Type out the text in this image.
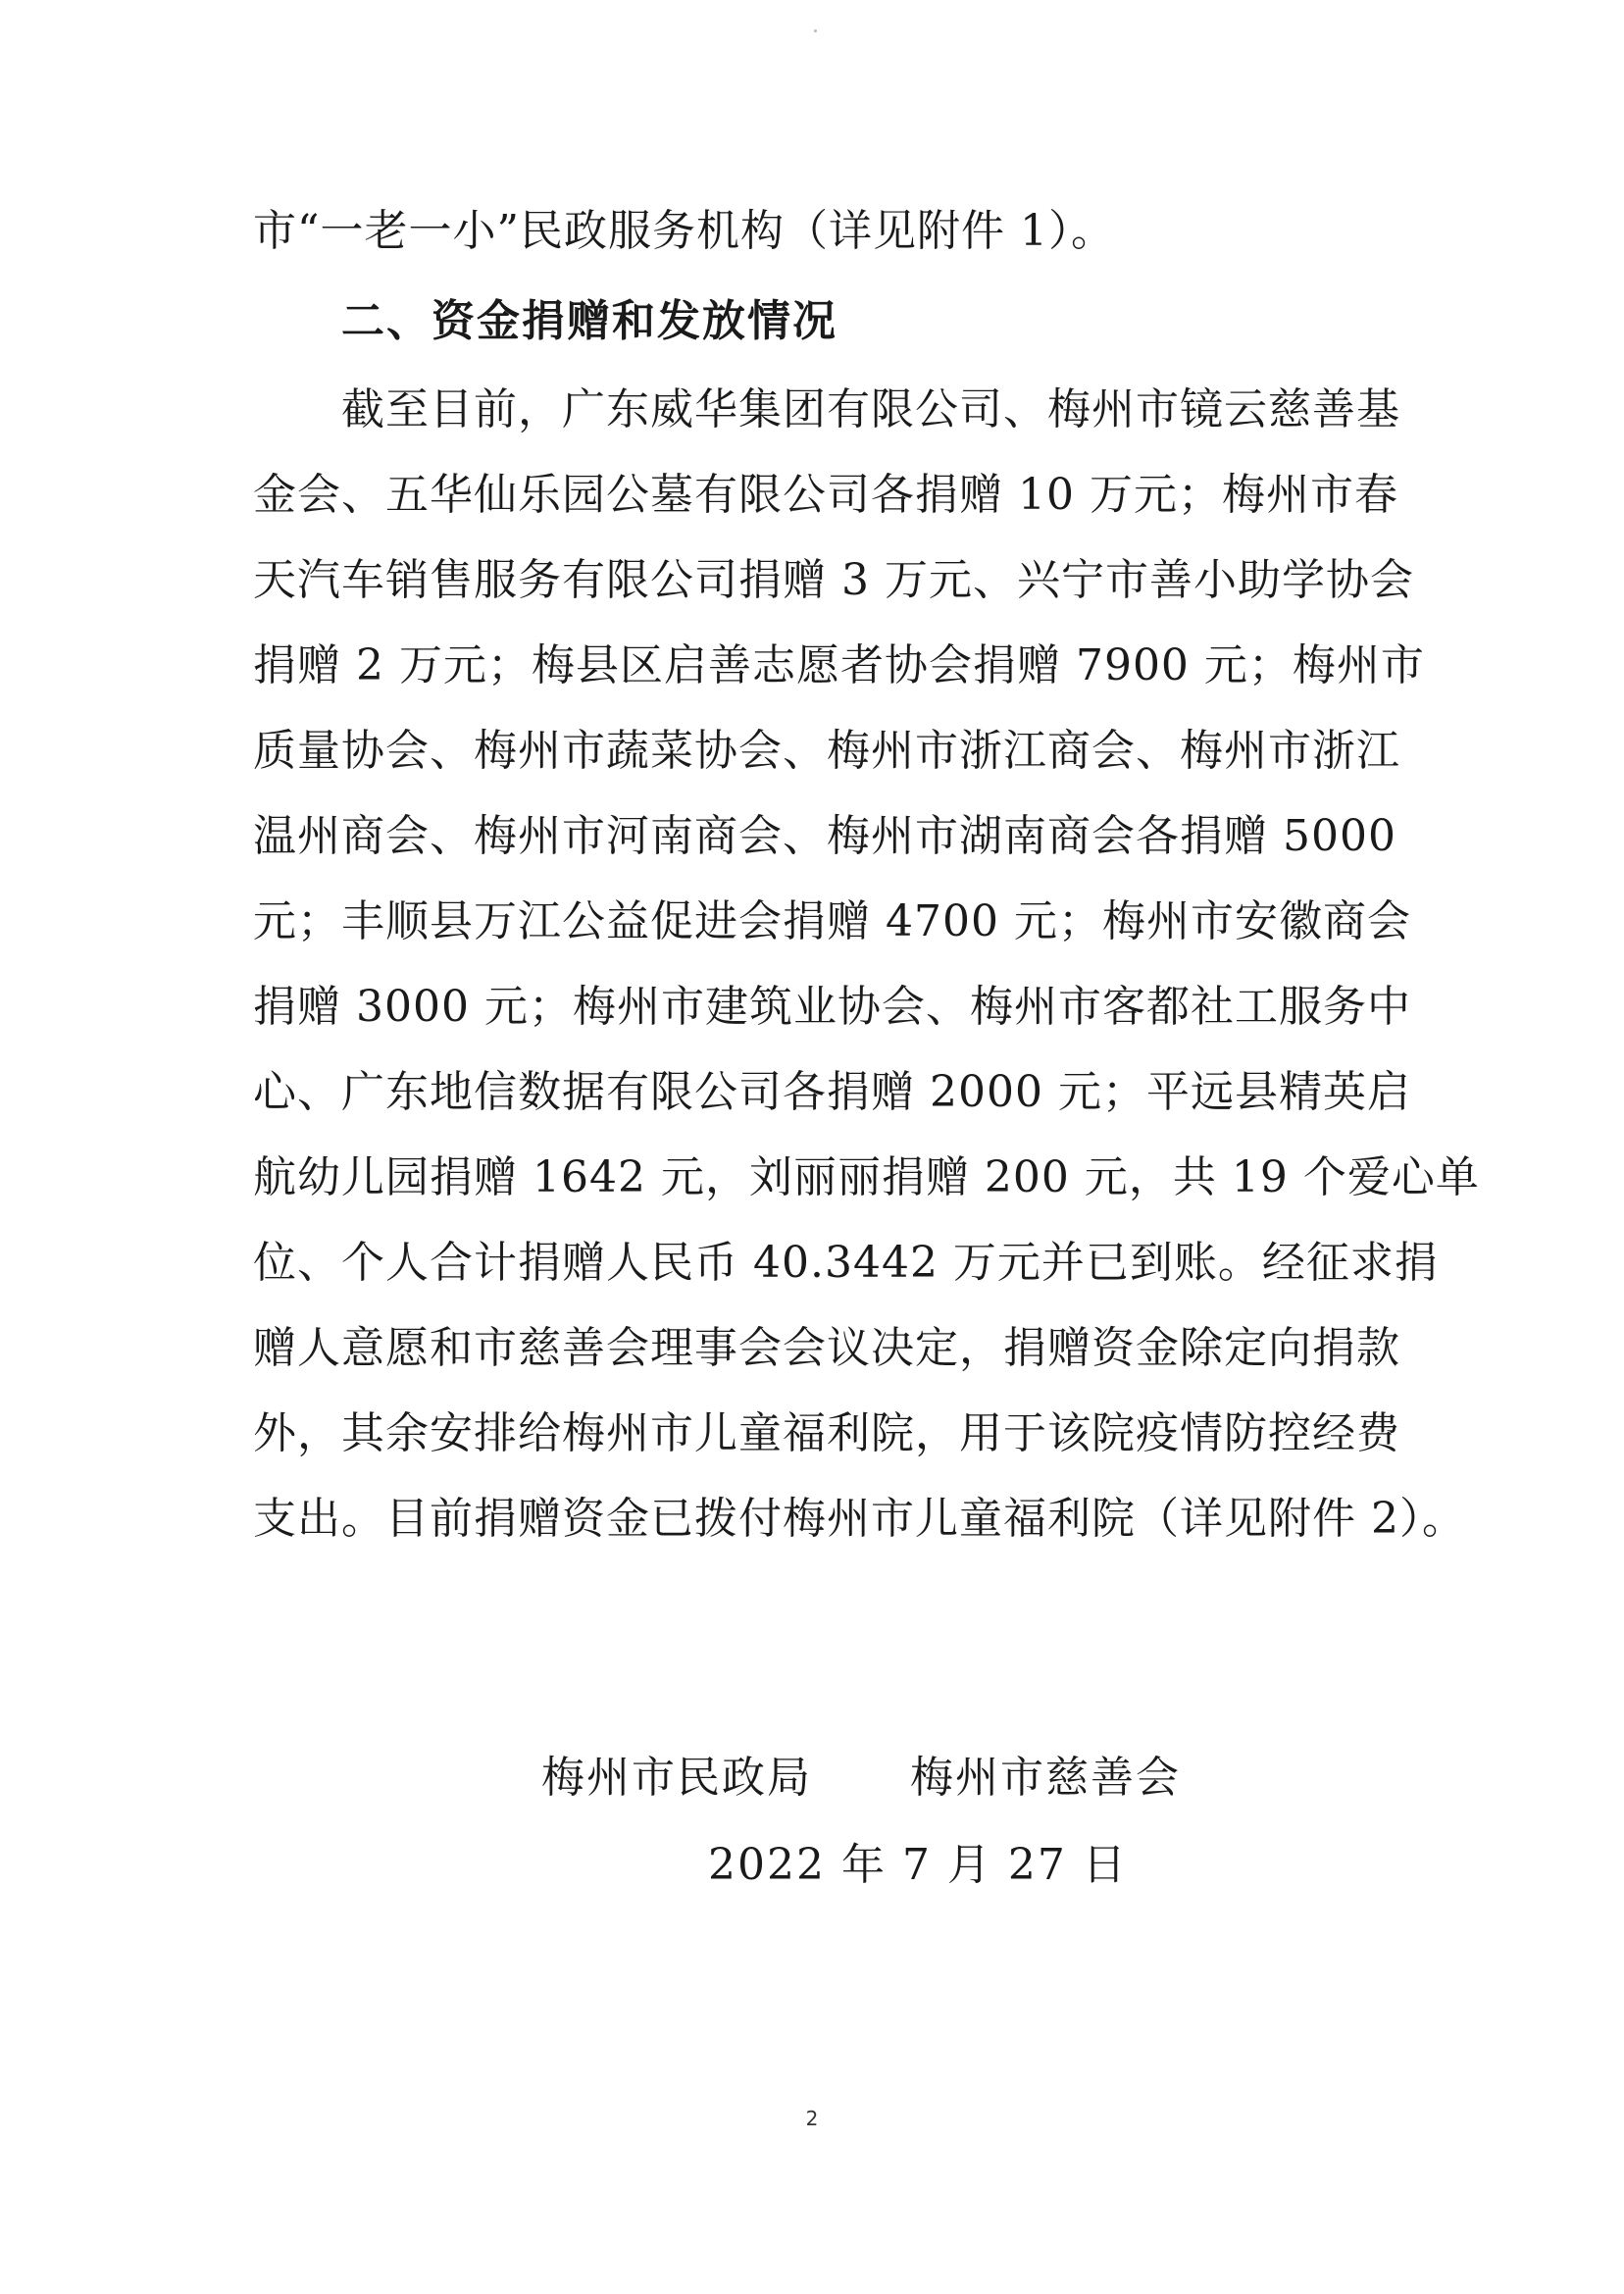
市“一老一小”民政服务机构（详见附件 1）。
二、资金捐赠和发放情况
截至目前，广东威华集团有限公司、梅州市镜云慈善基
金会、五华仙乐园公墓有限公司各捐赠 10 万元；梅州市春
天汽车销售服务有限公司捐赠 3 万元、兴宁市善小助学协会
捐赠 2 万元；梅县区启善志愿者协会捐赠 7900 元；梅州市
质量协会、梅州市蔬菜协会、梅州市浙江商会、梅州市浙江
温州商会、梅州市河南商会、梅州市湖南商会各捐赠 5000
元；丰顺县万江公益促进会捐赠 4700 元；梅州市安徽商会
捐赠 3000 元；梅州市建筑业协会、梅州市客都社工服务中
心、广东地信数据有限公司各捐赠 2000 元；平远县精英启
航幼儿园捐赠 1642 元，刘丽丽捐赠 200 元，共 19 个爱心单
位、个人合计捐赠人民币 40.3442 万元并已到账。经征求捐
赠人意愿和市慈善会理事会会议决定，捐赠资金除定向捐款
外，其余安排给梅州市儿童福利院，用于该院疫情防控经费
支出。目前捐赠资金已拨付梅州市儿童福利院（详见附件 2）。
梅州市民政局 梅州市慈善会
2022 年 7 月 27 日
2
